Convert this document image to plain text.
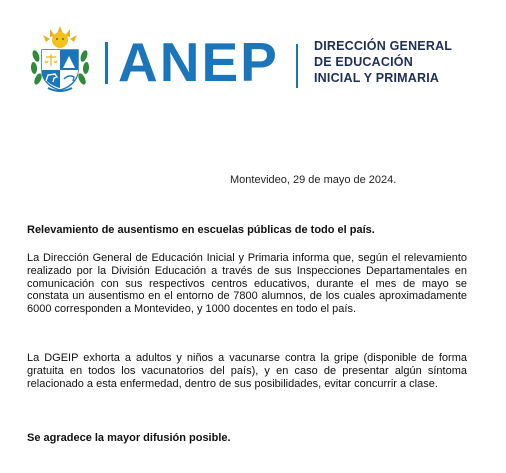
ANEP	DIRECCIÓN GENERAL
DE EDUCACIÓN
INICIAL Y PRIMARIA
Montevideo, 29 de mayo de 2024.
Relevamiento de ausentismo en escuelas públicas de todo el país.
La Dirección General de Educación Inicial y Primaria informa que, según el relevamiento realizado por la División Educación a través de sus Inspecciones Departamentales en comunicación con sus respectivos centros educativos, durante el mes de mayo se constata un ausentismo en el entorno de 7800 alumnos, de los cuales aproximadamente 6000 corresponden a Montevideo, y 1000 docentes en todo el país.
La DGEIP exhorta a adultos y niños a vacunarse contra la gripe (disponible de forma gratuita en todos los vacunatorios del país), y en caso de presentar algún síntoma relacionado a esta enfermedad, dentro de sus posibilidades, evitar concurrir a clase.
Se agradece la mayor difusión posible.
